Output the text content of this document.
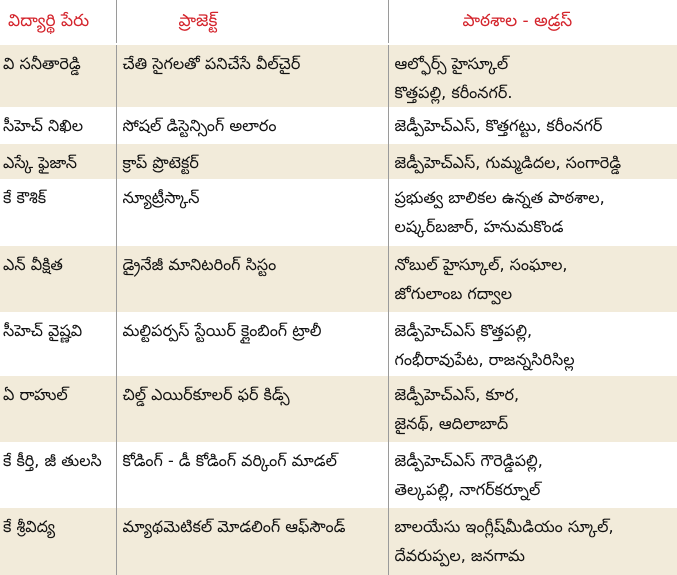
విద్యార్థి పేరు	ప్రాజెక్ట్	పాఠశాల - అడ్రస్
వి సనీతారెడ్డి	చేతి సైగలతో పనిచేసే వీల్‌చైర్	ఆల్ఫోర్స్ హైస్కూల్
కొత్తపల్లి, కరీంనగర్.

సీహెచ్ నిఖిల	సోషల్ డిస్టెన్సింగ్ అలారం	జెడ్పీహెచ్ఎస్, కొత్తగట్టు, కరీంనగర్

ఎస్కే ఫైజాన్	క్రాప్ ప్రొటెక్టర్	జెడ్పీహెచ్ఎస్, గుమ్మడిదల, సంగారెడ్డి

కే కౌశిక్	న్యూట్రీస్కాన్	ప్రభుత్వ బాలికల ఉన్నత పాఠశాల,
లష్కర్‌బజార్, హనుమకొండ

ఎన్ వీక్షిత	డ్రైనేజీ మానిటరింగ్ సిస్టం	నోబుల్ హైస్కూల్, సంఘాల,
జోగులాంబ గద్వాల

సీహెచ్ వైష్ణవి	మల్టిపర్పస్ స్టేయిర్ క్లైంబింగ్ ట్రాలీ	జెడ్పీహెచ్ఎస్ కొత్తపల్లి,
గంభీరావుపేట, రాజన్నసిరిసిల్ల

ఏ రాహుల్	చిల్డ్ ఎయిర్‌కూలర్ ఫర్ కిడ్స్	జెడ్పీహెచ్ఎస్, కూర,
జైనథ్, ఆదిలాబాద్

కే కీర్తి, జీ తులసి	కోడింగ్ - డీ కోడింగ్ వర్కింగ్ మాడల్	జెడ్పీహెచ్ఎస్ గౌరెడ్డిపల్లి,
తెల్కపల్లి, నాగర్‌కర్నూల్

కే శ్రీవిద్య	మ్యాథమెటికల్ మోడలింగ్ ఆఫ్‌సౌండ్	బాలయేసు ఇంగ్లీష్‌మీడియం స్కూల్,
దేవరుప్పల, జనగామ
